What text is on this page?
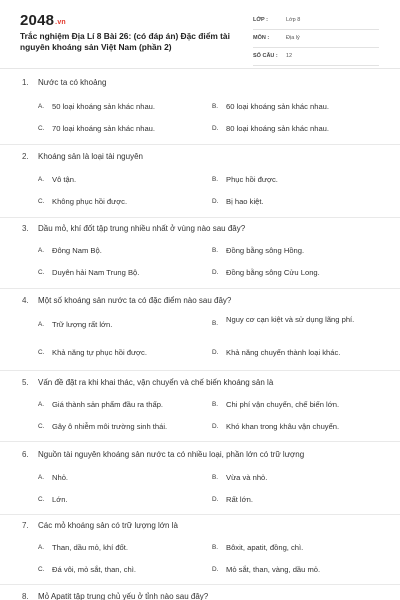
2048.vn
Trắc nghiệm Địa Lí 8 Bài 26: (có đáp án) Đặc điểm tài nguyên khoáng sản Việt Nam (phần 2)
LỚP :	Lớp 8
MÔN :	Địa lý
SỐ CÂU : 12
1. Nước ta có khoảng
A. 50 loại khoáng sản khác nhau.	B. 60 loại khoáng sản khác nhau.
C. 70 loại khoáng sản khác nhau.	D. 80 loại khoáng sản khác nhau.
2. Khoáng sản là loại tài nguyên
A. Vô tận.	B. Phục hồi được.
C. Không phục hồi được.	D. Bị hao kiệt.
3. Dầu mỏ, khí đốt tập trung nhiều nhất ở vùng nào sau đây?
A. Đông Nam Bộ.	B. Đồng bằng sông Hồng.
C. Duyên hải Nam Trung Bộ.	D. Đồng bằng sông Cửu Long.
4. Một số khoáng sản nước ta có đặc điểm nào sau đây?
A. Trữ lượng rất lớn.	B. Nguy cơ cạn kiệt và sử dụng lãng phí.
C. Khả năng tự phục hồi được.	D. Khả năng chuyển thành loại khác.
5. Vấn đề đặt ra khi khai thác, vận chuyển và chế biến khoáng sản là
A. Giá thành sản phẩm đầu ra thấp.	B. Chi phí vận chuyển, chế biến lớn.
C. Gây ô nhiễm môi trường sinh thái.	D. Khó khan trong khâu vận chuyển.
6. Nguồn tài nguyên khoáng sản nước ta có nhiều loại, phần lớn có trữ lượng
A. Nhỏ.	B. Vừa và nhỏ.
C. Lớn.	D. Rất lớn.
7. Các mỏ khoáng sản có trữ lượng lớn là
A. Than, dầu mỏ, khí đốt.	B. Bôxit, apatit, đồng, chì.
C. Đá vôi, mỏ sắt, than, chì.	D. Mỏ sắt, than, vàng, dầu mỏ.
8. Mỏ Apatit tập trung chủ yếu ở tỉnh nào sau đây?
